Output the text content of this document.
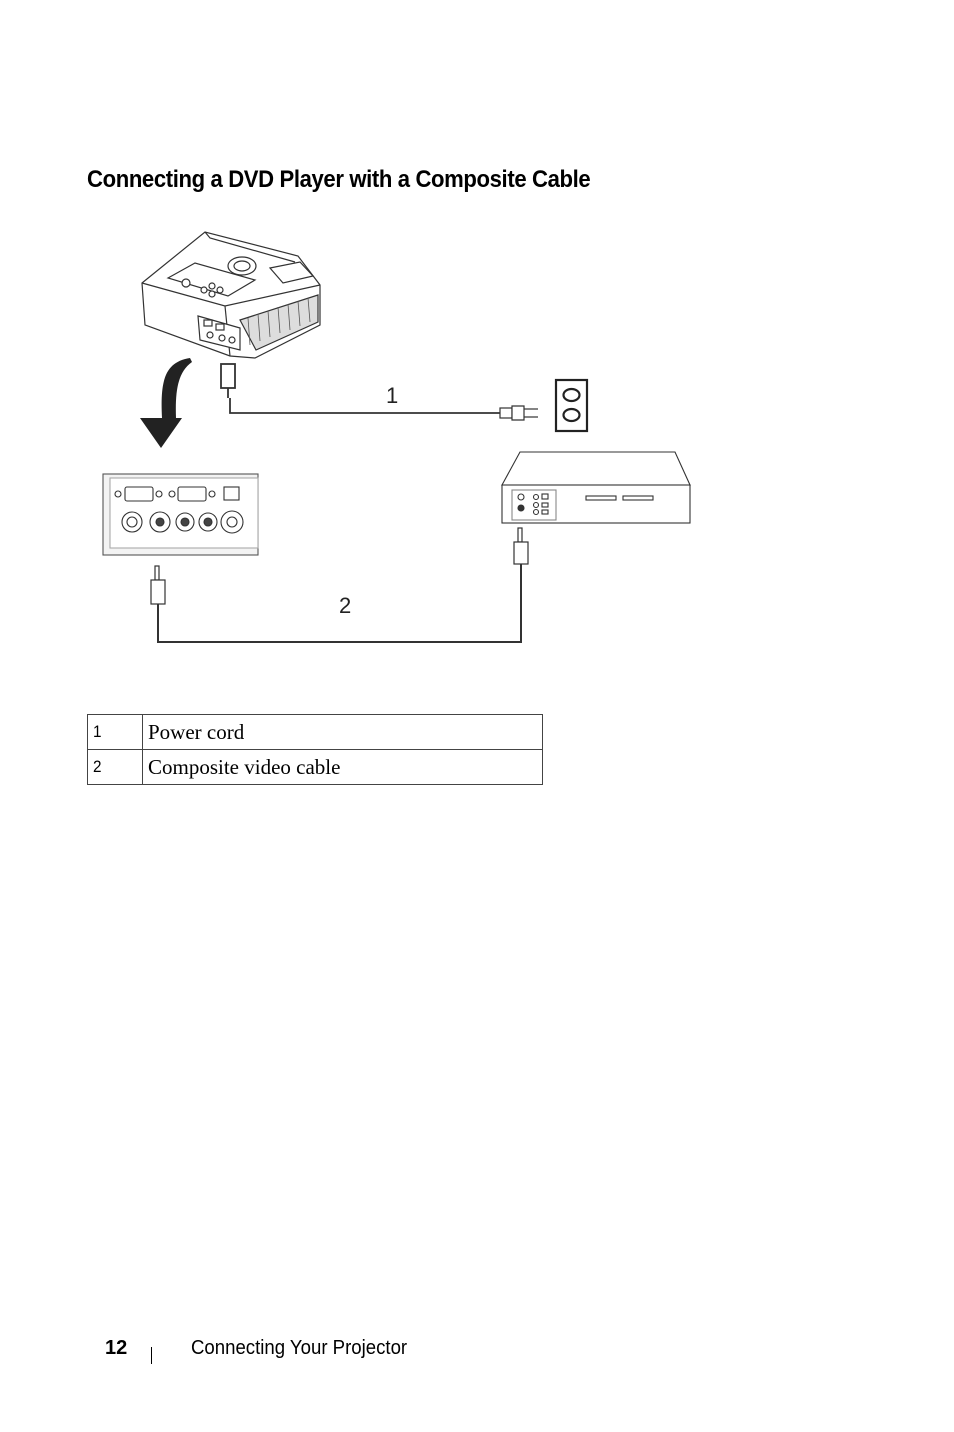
Connecting a DVD Player with a Composite Cable
1
2
1	Power cord
2	Composite video cable
12	Connecting Your Projector
